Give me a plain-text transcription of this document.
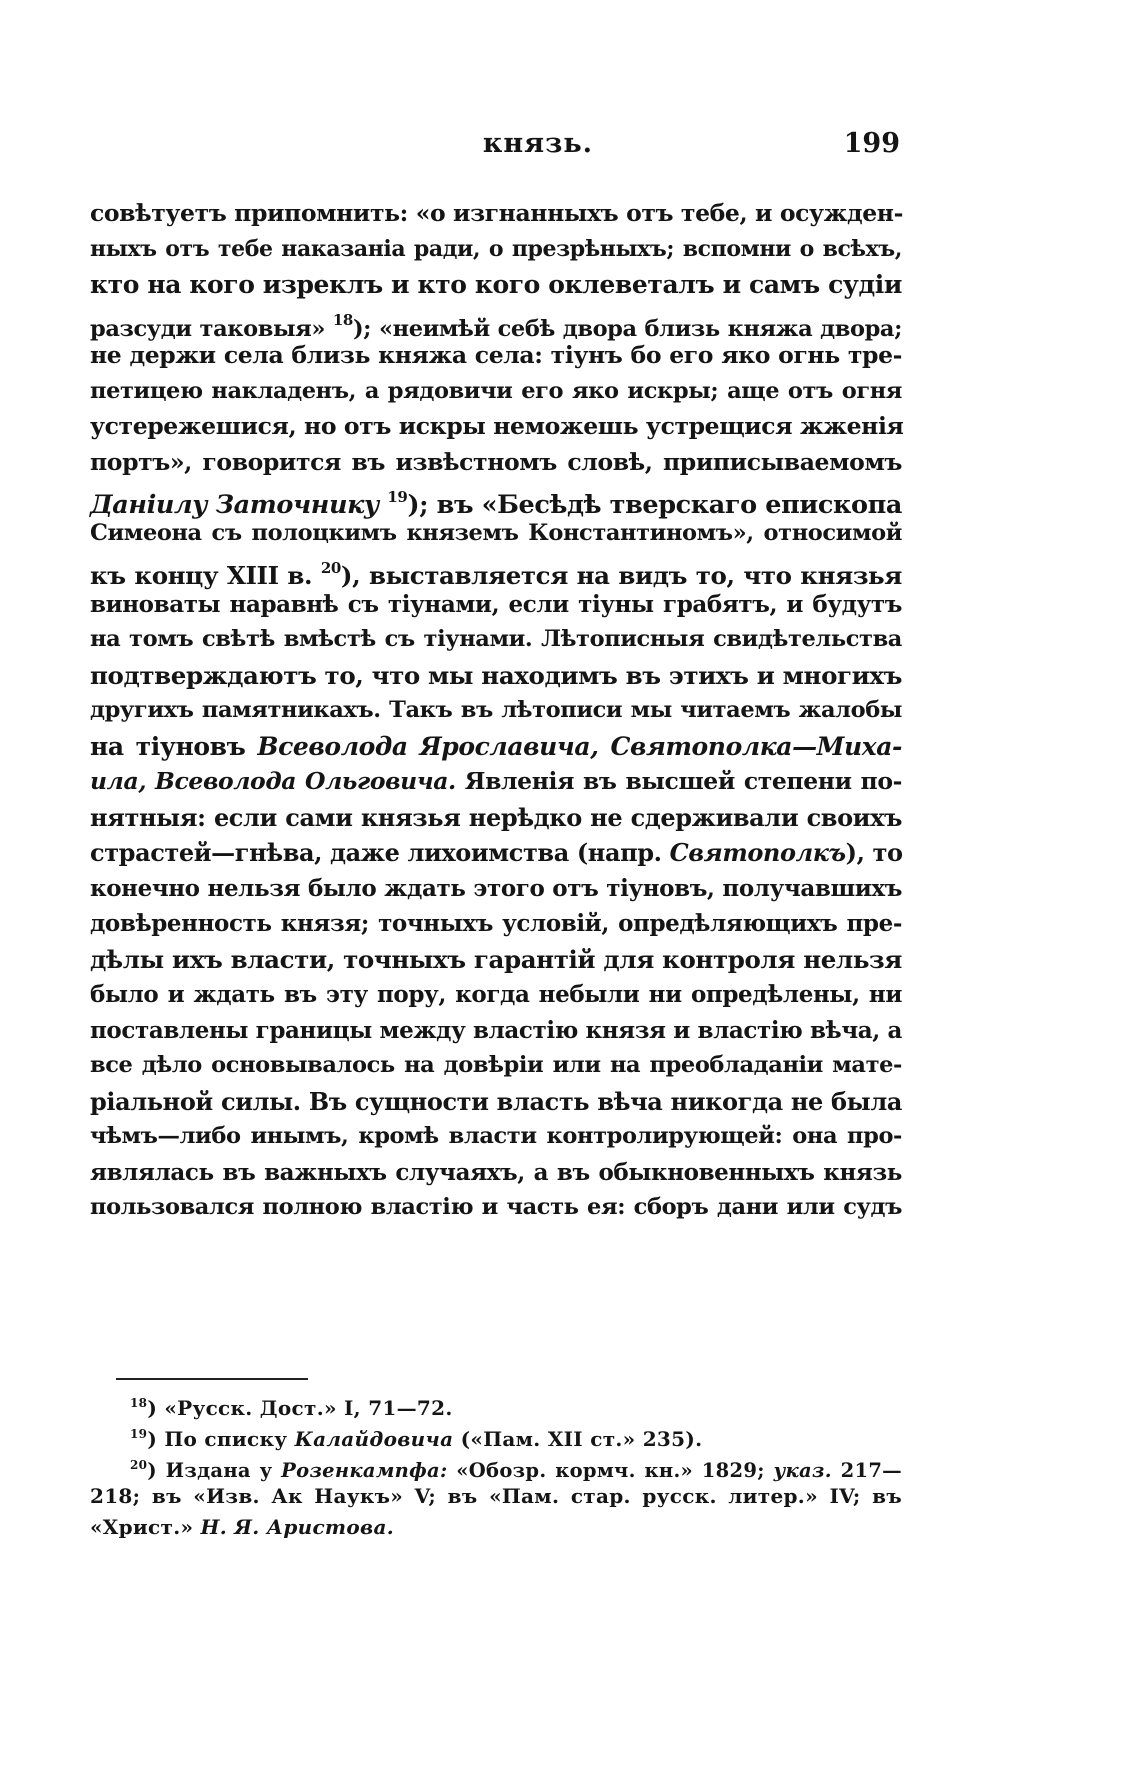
князь.	199
совѣтуетъ припомнить: «о изгнанныхъ отъ тебе, и осужден-
ныхъ отъ тебе наказанiа ради, о презрѣныхъ; вспомни о всѣхъ,
кто на кого изреклъ и кто кого оклеветалъ и самъ судiи
разсуди таковыя» $^{18}$); «неимѣй себѣ двора близь княжа двора;
не держи села близь княжа села: тiунъ бо его яко огнь тре-
петицею накладенъ, а рядовичи его яко искры; аще отъ огня
устережешися, но отъ искры неможешь устрещися жженiя
портъ», говорится въ извѣстномъ словѣ, приписываемомъ
Даніилу Заточнику $^{19}$); въ «Бесѣдѣ тверскаго епископа
Симеона съ полоцкимъ княземъ Константиномъ», относимой
къ концу XIII в. $^{20}$), выставляется на видъ то, что князья
виноваты наравнѣ съ тiунами, если тiуны грабятъ, и будутъ
на томъ свѣтѣ вмѣстѣ съ тiунами. Лѣтописныя свидѣтельства
подтверждаютъ то, что мы находимъ въ этихъ и многихъ
другихъ памятникахъ. Такъ въ лѣтописи мы читаемъ жалобы
на тiуновъ Всеволода Ярославича, Святополка—Миха-
ила, Всеволода Ольговича. Явленiя въ высшей степени по-
нятныя: если сами князья нерѣдко не сдерживали своихъ
страстей—гнѣва, даже лихоимства (напр. Святополкъ), то
конечно нельзя было ждать этого отъ тiуновъ, получавшихъ
довѣренность князя; точныхъ условiй, опредѣляющихъ пре-
дѣлы ихъ власти, точныхъ гарантiй для контроля нельзя
было и ждать въ эту пору, когда небыли ни опредѣлены, ни
поставлены границы между властiю князя и властiю вѣча, а
все дѣло основывалось на довѣрiи или на преобладанiи мате-
рiальной силы. Въ сущности власть вѣча никогда не была
чѣмъ—либо инымъ, кромѣ власти контролирующей: она про-
являлась въ важныхъ случаяхъ, а въ обыкновенныхъ князь
пользовался полною властiю и часть ея: сборъ дани или судъ
$^{18}$) «Русск. Дост.» I, 71—72.
$^{19}$) По списку Калайдовича («Пам. XII ст.» 235).
$^{20}$) Издана у Розенкампфа: «Обозр. кормч. кн.» 1829; указ. 217—
218; въ «Изв. Ак Наукъ» V; въ «Пам. стар. русск. литер.» IV; въ
«Христ.» Н. Я. Аристова.
